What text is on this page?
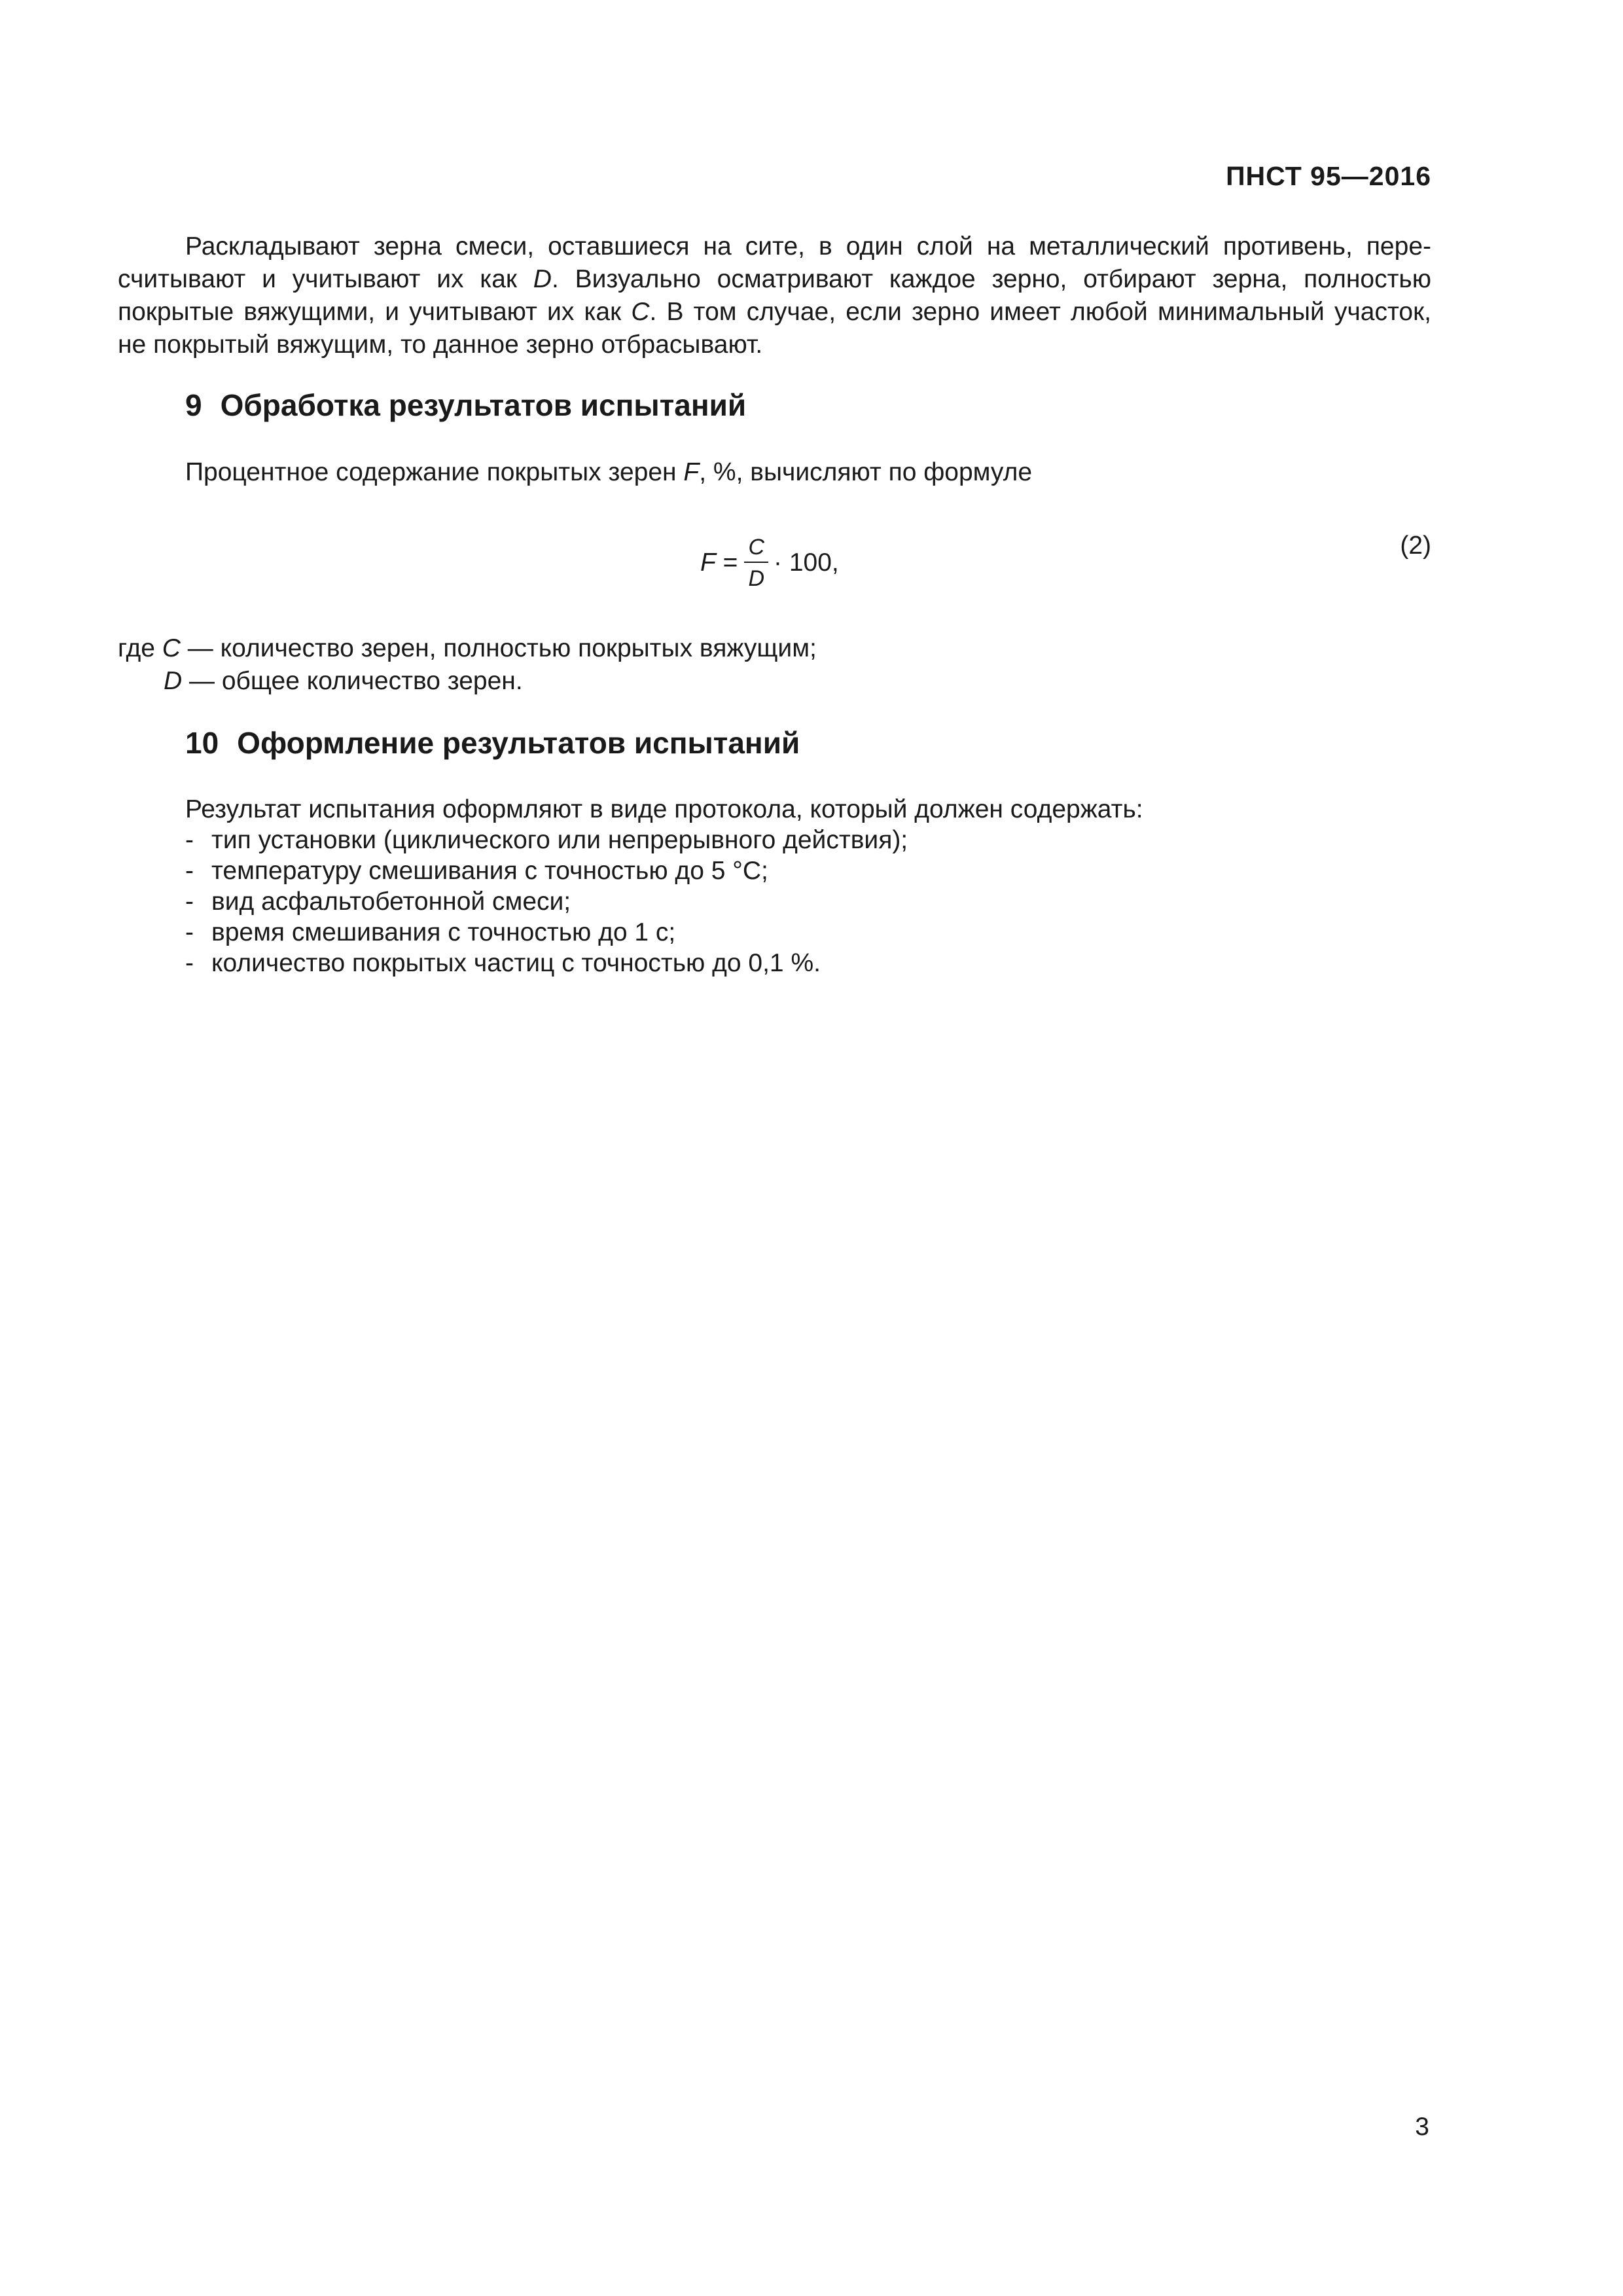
ПНСТ 95—2016
Раскладывают зерна смеси, оставшиеся на сите, в один слой на металлический противень, пере-
считывают и учитывают их как D. Визуально осматривают каждое зерно, отбирают зерна, полностью
покрытые вяжущими, и учитывают их как C. В том случае, если зерно имеет любой минимальный участок,
не покрытый вяжущим, то данное зерно отбрасывают.
9 Обработка результатов испытаний
Процентное содержание покрытых зерен F, %, вычисляют по формуле
$F = \frac{C}{D} \cdot 100$,
(2)
где C — количество зерен, полностью покрытых вяжущим;
D — общее количество зерен.
10 Оформление результатов испытаний
Результат испытания оформляют в виде протокола, который должен содержать:
- тип установки (циклического или непрерывного действия);
- температуру смешивания с точностью до 5 °С;
- вид асфальтобетонной смеси;
- время смешивания с точностью до 1 с;
- количество покрытых частиц с точностью до 0,1 %.
3
